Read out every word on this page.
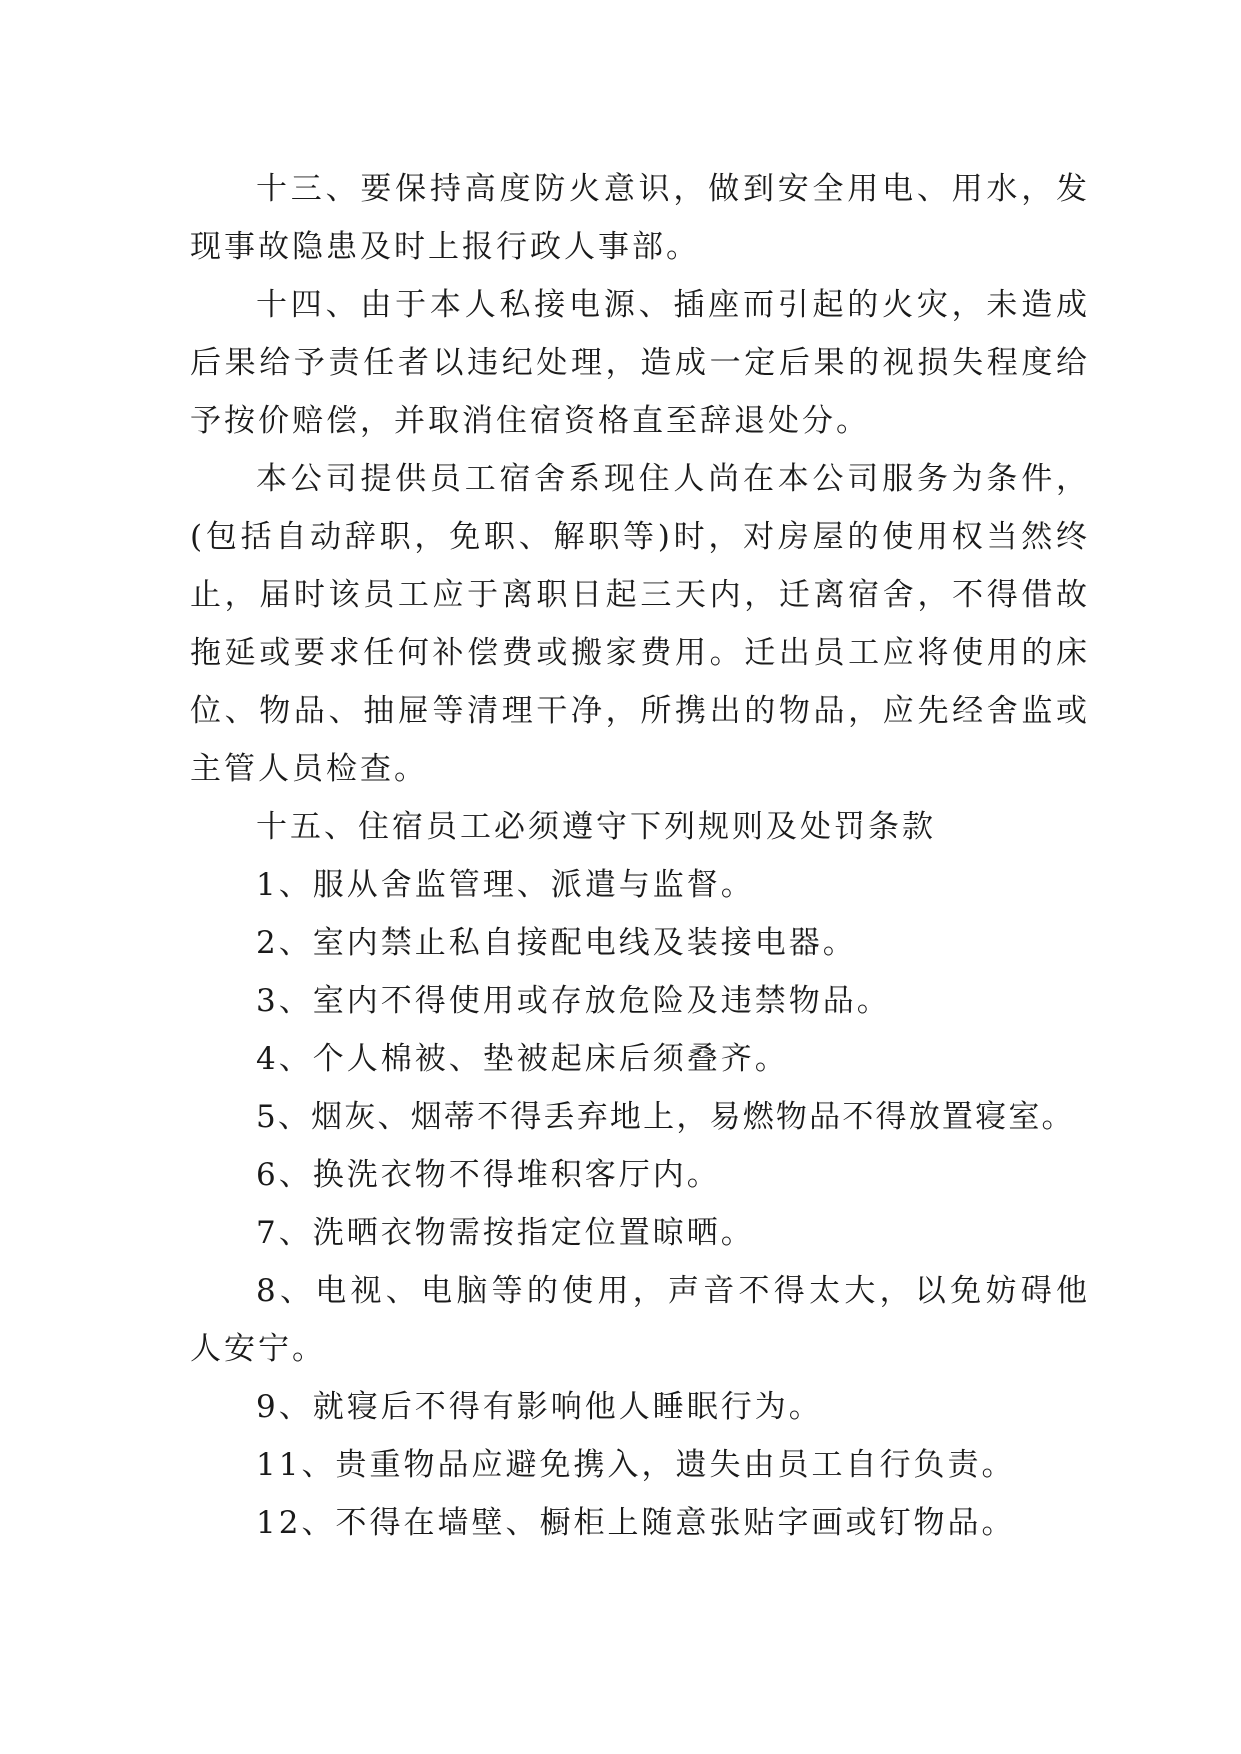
十三、要保持高度防火意识，做到安全用电、用水，发现事故隐患及时上报行政人事部。

十四、由于本人私接电源、插座而引起的火灾，未造成后果给予责任者以违纪处理，造成一定后果的视损失程度给予按价赔偿，并取消住宿资格直至辞退处分。

本公司提供员工宿舍系现住人尚在本公司服务为条件，(包括自动辞职，免职、解职等)时，对房屋的使用权当然终止，届时该员工应于离职日起三天内，迁离宿舍，不得借故拖延或要求任何补偿费或搬家费用。迁出员工应将使用的床位、物品、抽屉等清理干净，所携出的物品，应先经舍监或主管人员检查。

十五、住宿员工必须遵守下列规则及处罚条款

1、服从舍监管理、派遣与监督。

2、室内禁止私自接配电线及装接电器。

3、室内不得使用或存放危险及违禁物品。

4、个人棉被、垫被起床后须叠齐。

5、烟灰、烟蒂不得丢弃地上，易燃物品不得放置寝室。

6、换洗衣物不得堆积客厅内。

7、洗晒衣物需按指定位置晾晒。

8、电视、电脑等的使用，声音不得太大，以免妨碍他人安宁。

9、就寝后不得有影响他人睡眠行为。

11、贵重物品应避免携入，遗失由员工自行负责。

12、不得在墙壁、橱柜上随意张贴字画或钉物品。
